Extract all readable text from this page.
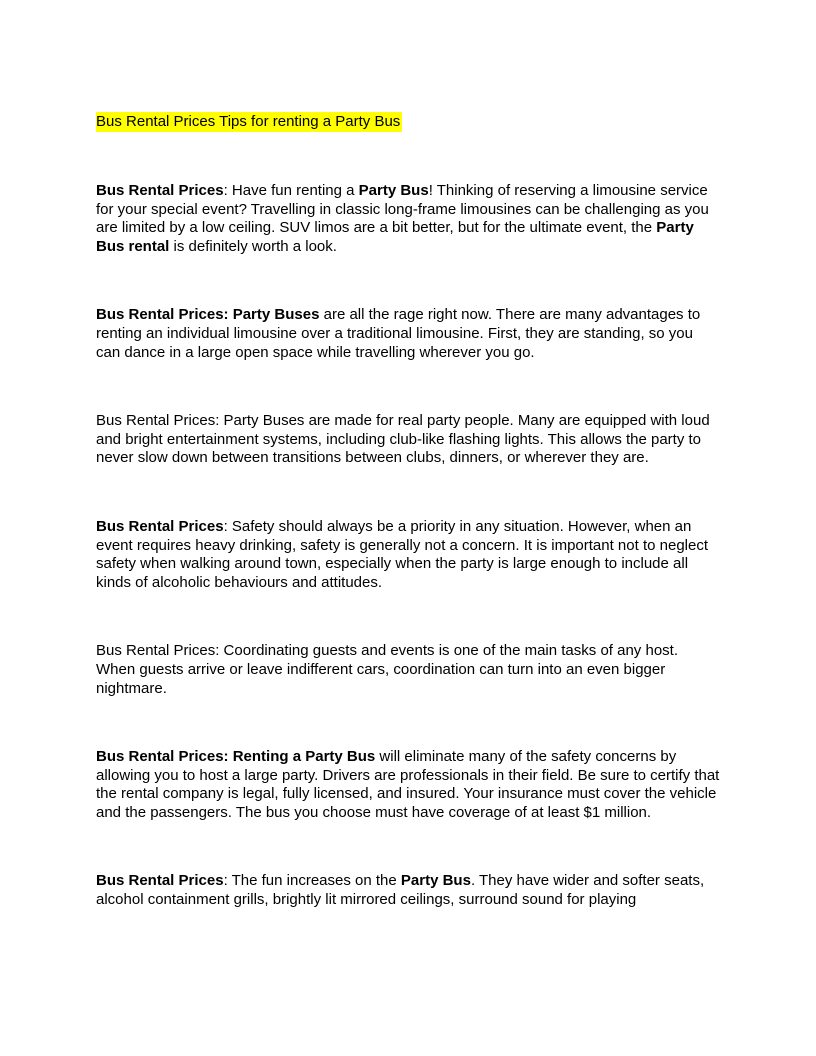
Bus Rental Prices Tips for renting a Party Bus

Bus Rental Prices: Have fun renting a Party Bus! Thinking of reserving a limousine service for your special event? Travelling in classic long-frame limousines can be challenging as you are limited by a low ceiling. SUV limos are a bit better, but for the ultimate event, the Party Bus rental is definitely worth a look.

Bus Rental Prices: Party Buses are all the rage right now. There are many advantages to renting an individual limousine over a traditional limousine. First, they are standing, so you can dance in a large open space while travelling wherever you go.

Bus Rental Prices: Party Buses are made for real party people. Many are equipped with loud and bright entertainment systems, including club-like flashing lights. This allows the party to never slow down between transitions between clubs, dinners, or wherever they are.

Bus Rental Prices: Safety should always be a priority in any situation. However, when an event requires heavy drinking, safety is generally not a concern. It is important not to neglect safety when walking around town, especially when the party is large enough to include all kinds of alcoholic behaviours and attitudes.

Bus Rental Prices: Coordinating guests and events is one of the main tasks of any host. When guests arrive or leave indifferent cars, coordination can turn into an even bigger nightmare.

Bus Rental Prices: Renting a Party Bus will eliminate many of the safety concerns by allowing you to host a large party. Drivers are professionals in their field. Be sure to certify that the rental company is legal, fully licensed, and insured. Your insurance must cover the vehicle and the passengers. The bus you choose must have coverage of at least $1 million.

Bus Rental Prices: The fun increases on the Party Bus. They have wider and softer seats, alcohol containment grills, brightly lit mirrored ceilings, surround sound for playing
